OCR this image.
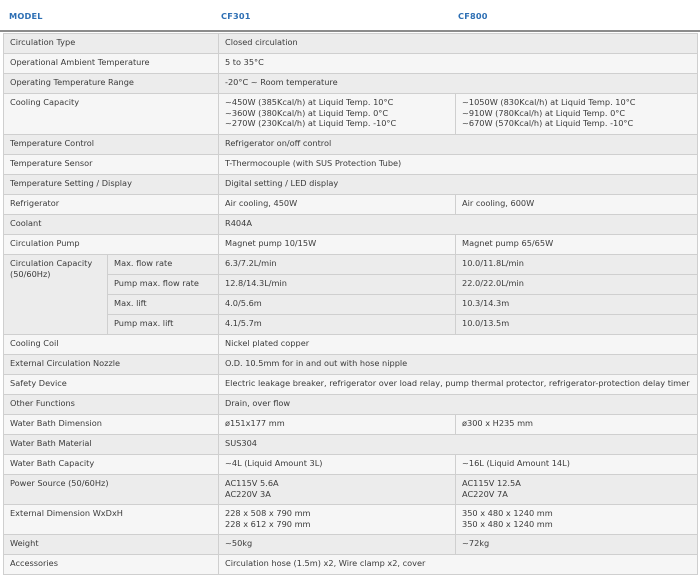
MODEL	CF301	CF800
Circulation Type		Closed circulation	
Operational Ambient Temperature		5 to 35°C	
Operating Temperature Range		-20°C ~ Room temperature	
Cooling Capacity		~450W (385Kcal/h) at Liquid Temp. 10°C
~360W (380Kcal/h) at Liquid Temp. 0°C
~270W (230Kcal/h) at Liquid Temp. -10°C	~1050W (830Kcal/h) at Liquid Temp. 10°C
~910W (780Kcal/h) at Liquid Temp. 0°C
~670W (570Kcal/h) at Liquid Temp. -10°C

Temperature Control		Refrigerator on/off control	
Temperature Sensor		T-Thermocouple (with SUS Protection Tube)	
Temperature Setting / Display		Digital setting / LED display	
Refrigerator		Air cooling, 450W	Air cooling, 600W
Coolant		R404A	
Circulation Pump		Magnet pump 10/15W	Magnet pump 65/65W

Circulation Capacity
(50/60Hz)	Max. flow rate	6.3/7.2L/min	10.0/11.8L/min
	Pump max. flow rate	12.8/14.3L/min	22.0/22.0L/min
	Max. lift	4.0/5.6m	10.3/14.3m
	Pump max. lift	4.1/5.7m	10.0/13.5m
Cooling Coil		Nickel plated copper	
External Circulation Nozzle		O.D. 10.5mm for in and out with hose nipple	
Safety Device		Electric leakage breaker, refrigerator over load relay, pump thermal protector, refrigerator-protection delay timer	
Other Functions		Drain, over flow	
Water Bath Dimension		ø151x177 mm	ø300 x H235 mm
Water Bath Material		SUS304	
Water Bath Capacity		~4L (Liquid Amount 3L)	~16L (Liquid Amount 14L)
Power Source (50/60Hz)		AC115V 5.6A
AC220V 3A	AC115V 12.5A
AC220V 7A

External Dimension WxDxH		228 x 508 x 790 mm
228 x 612 x 790 mm	350 x 480 x 1240 mm
350 x 480 x 1240 mm

Weight		~50kg	~72kg
Accessories		Circulation hose (1.5m) x2, Wire clamp x2, cover	
